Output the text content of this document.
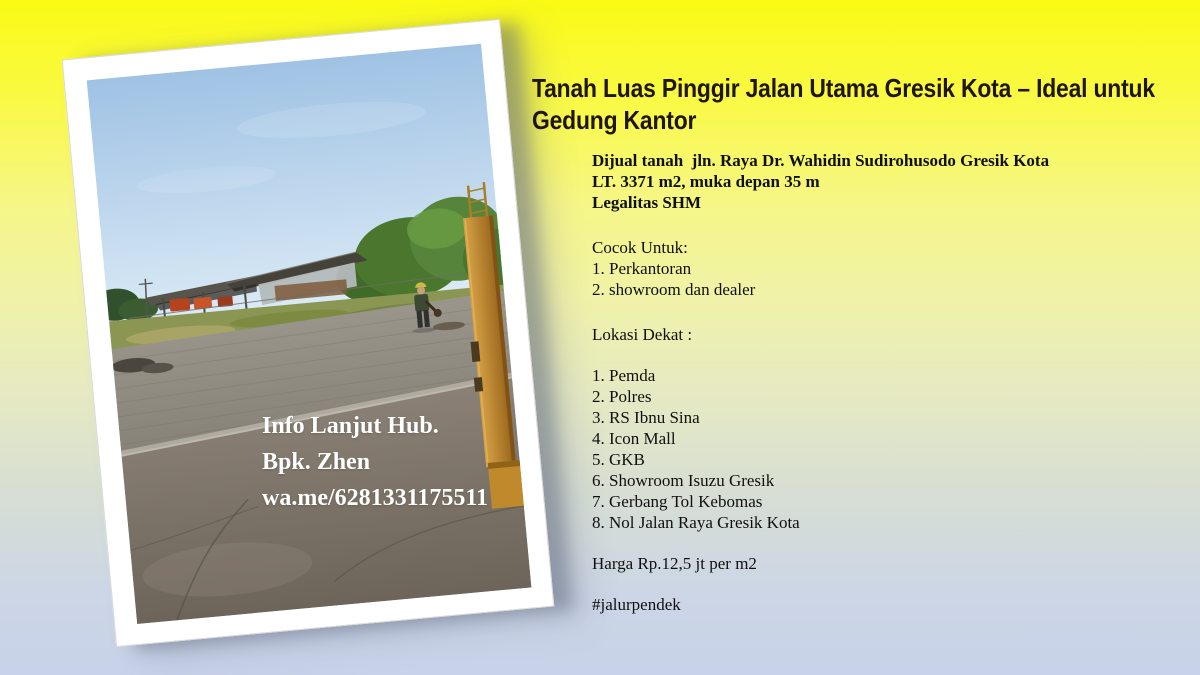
Info Lanjut Hub.
Bpk. Zhen
wa.me/6281331175511
Tanah Luas Pinggir Jalan Utama Gresik Kota – Ideal untuk Gedung Kantor
Dijual tanah  jln. Raya Dr. Wahidin Sudirohusodo Gresik Kota
LT. 3371 m2, muka depan 35 m
Legalitas SHM
Cocok Untuk:
1. Perkantoran
2. showroom dan dealer
Lokasi Dekat :
1. Pemda
2. Polres
3. RS Ibnu Sina
4. Icon Mall
5. GKB
6. Showroom Isuzu Gresik
7. Gerbang Tol Kebomas
8. Nol Jalan Raya Gresik Kota
Harga Rp.12,5 jt per m2
#jalurpendek
